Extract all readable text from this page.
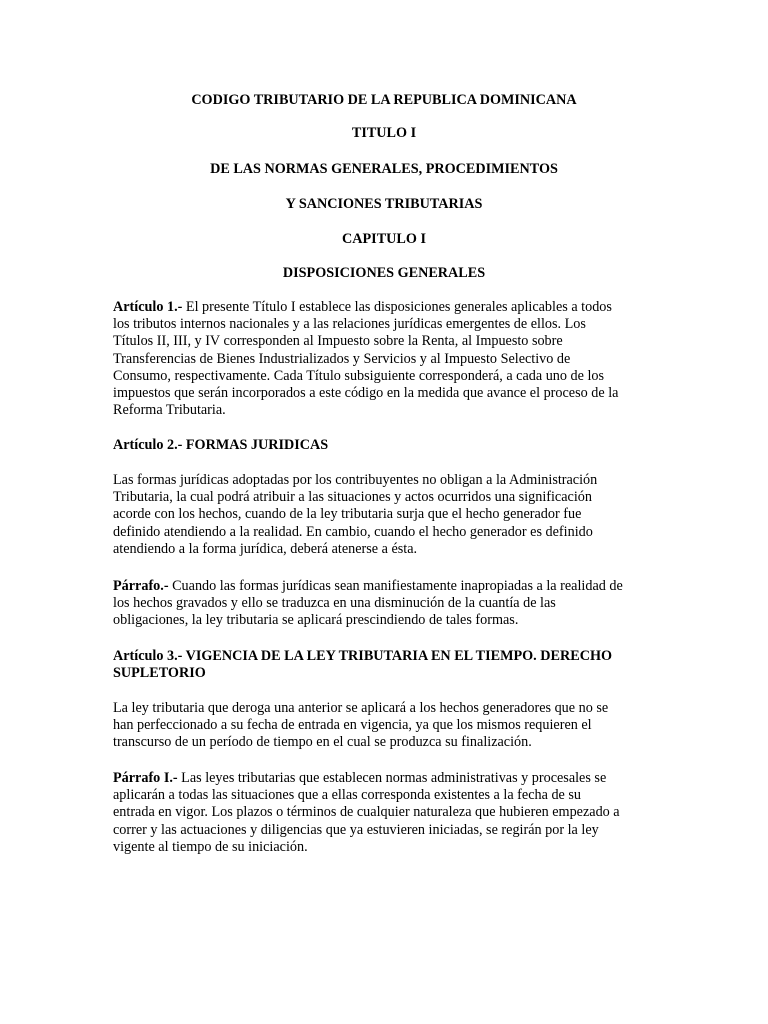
CODIGO TRIBUTARIO DE LA REPUBLICA DOMINICANA
TITULO I
DE LAS NORMAS GENERALES, PROCEDIMIENTOS
Y SANCIONES TRIBUTARIAS
CAPITULO I
DISPOSICIONES GENERALES
Artículo 1.- El presente Título I establece las disposiciones generales aplicables a todos
los tributos internos nacionales y a las relaciones jurídicas emergentes de ellos. Los
Títulos II, III, y IV corresponden al Impuesto sobre la Renta, al Impuesto sobre
Transferencias de Bienes Industrializados y Servicios y al Impuesto Selectivo de
Consumo, respectivamente. Cada Título subsiguiente corresponderá, a cada uno de los
impuestos que serán incorporados a este código en la medida que avance el proceso de la
Reforma Tributaria.
Artículo 2.- FORMAS JURIDICAS
Las formas jurídicas adoptadas por los contribuyentes no obligan a la Administración
Tributaria, la cual podrá atribuir a las situaciones y actos ocurridos una significación
acorde con los hechos, cuando de la ley tributaria surja que el hecho generador fue
definido atendiendo a la realidad. En cambio, cuando el hecho generador es definido
atendiendo a la forma jurídica, deberá atenerse a ésta.
Párrafo.- Cuando las formas jurídicas sean manifiestamente inapropiadas a la realidad de
los hechos gravados y ello se traduzca en una disminución de la cuantía de las
obligaciones, la ley tributaria se aplicará prescindiendo de tales formas.
Artículo 3.- VIGENCIA DE LA LEY TRIBUTARIA EN EL TIEMPO. DERECHO
SUPLETORIO
La ley tributaria que deroga una anterior se aplicará a los hechos generadores que no se
han perfeccionado a su fecha de entrada en vigencia, ya que los mismos requieren el
transcurso de un período de tiempo en el cual se produzca su finalización.
Párrafo I.- Las leyes tributarias que establecen normas administrativas y procesales se
aplicarán a todas las situaciones que a ellas corresponda existentes a la fecha de su
entrada en vigor. Los plazos o términos de cualquier naturaleza que hubieren empezado a
correr y las actuaciones y diligencias que ya estuvieren iniciadas, se regirán por la ley
vigente al tiempo de su iniciación.
